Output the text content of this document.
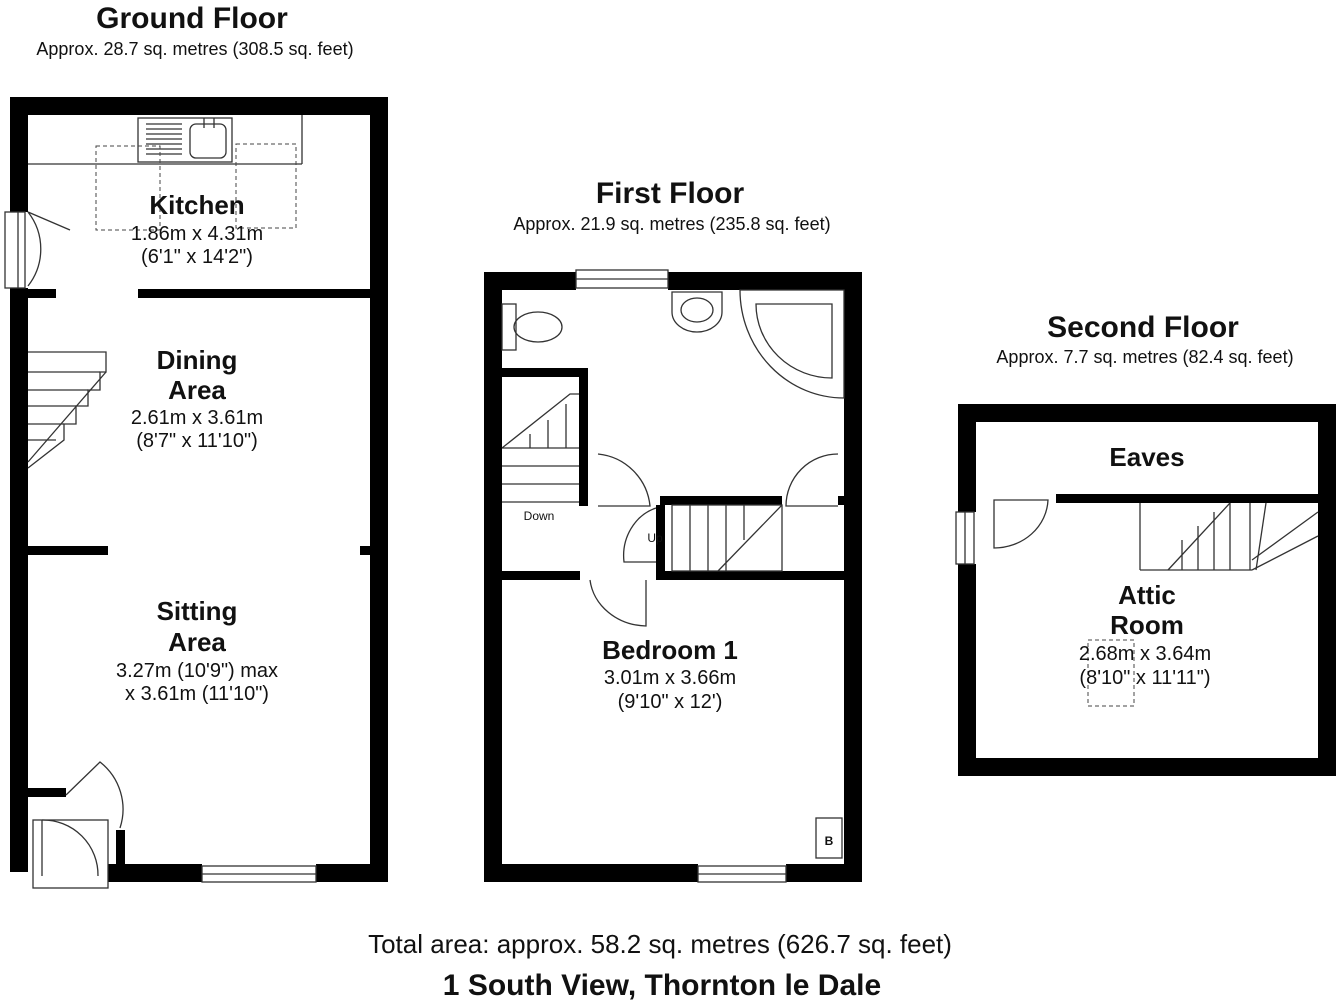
Ground Floor
Approx. 28.7 sq. metres (308.5 sq. feet)
Kitchen
1.86m x 4.31m
(6'1" x 14'2")
Dining
Area
2.61m x 3.61m
(8'7" x 11'10")
Sitting
Area
3.27m (10'9") max
x 3.61m (11'10")
First Floor
Approx. 21.9 sq. metres (235.8 sq. feet)
B
Down
Up
Bedroom 1
3.01m x 3.66m
(9'10" x 12')
Second Floor
Approx. 7.7 sq. metres (82.4 sq. feet)
Eaves
Attic
Room
2.68m x 3.64m
(8'10" x 11'11")
Total area: approx. 58.2 sq. metres (626.7 sq. feet)
1 South View, Thornton le Dale
